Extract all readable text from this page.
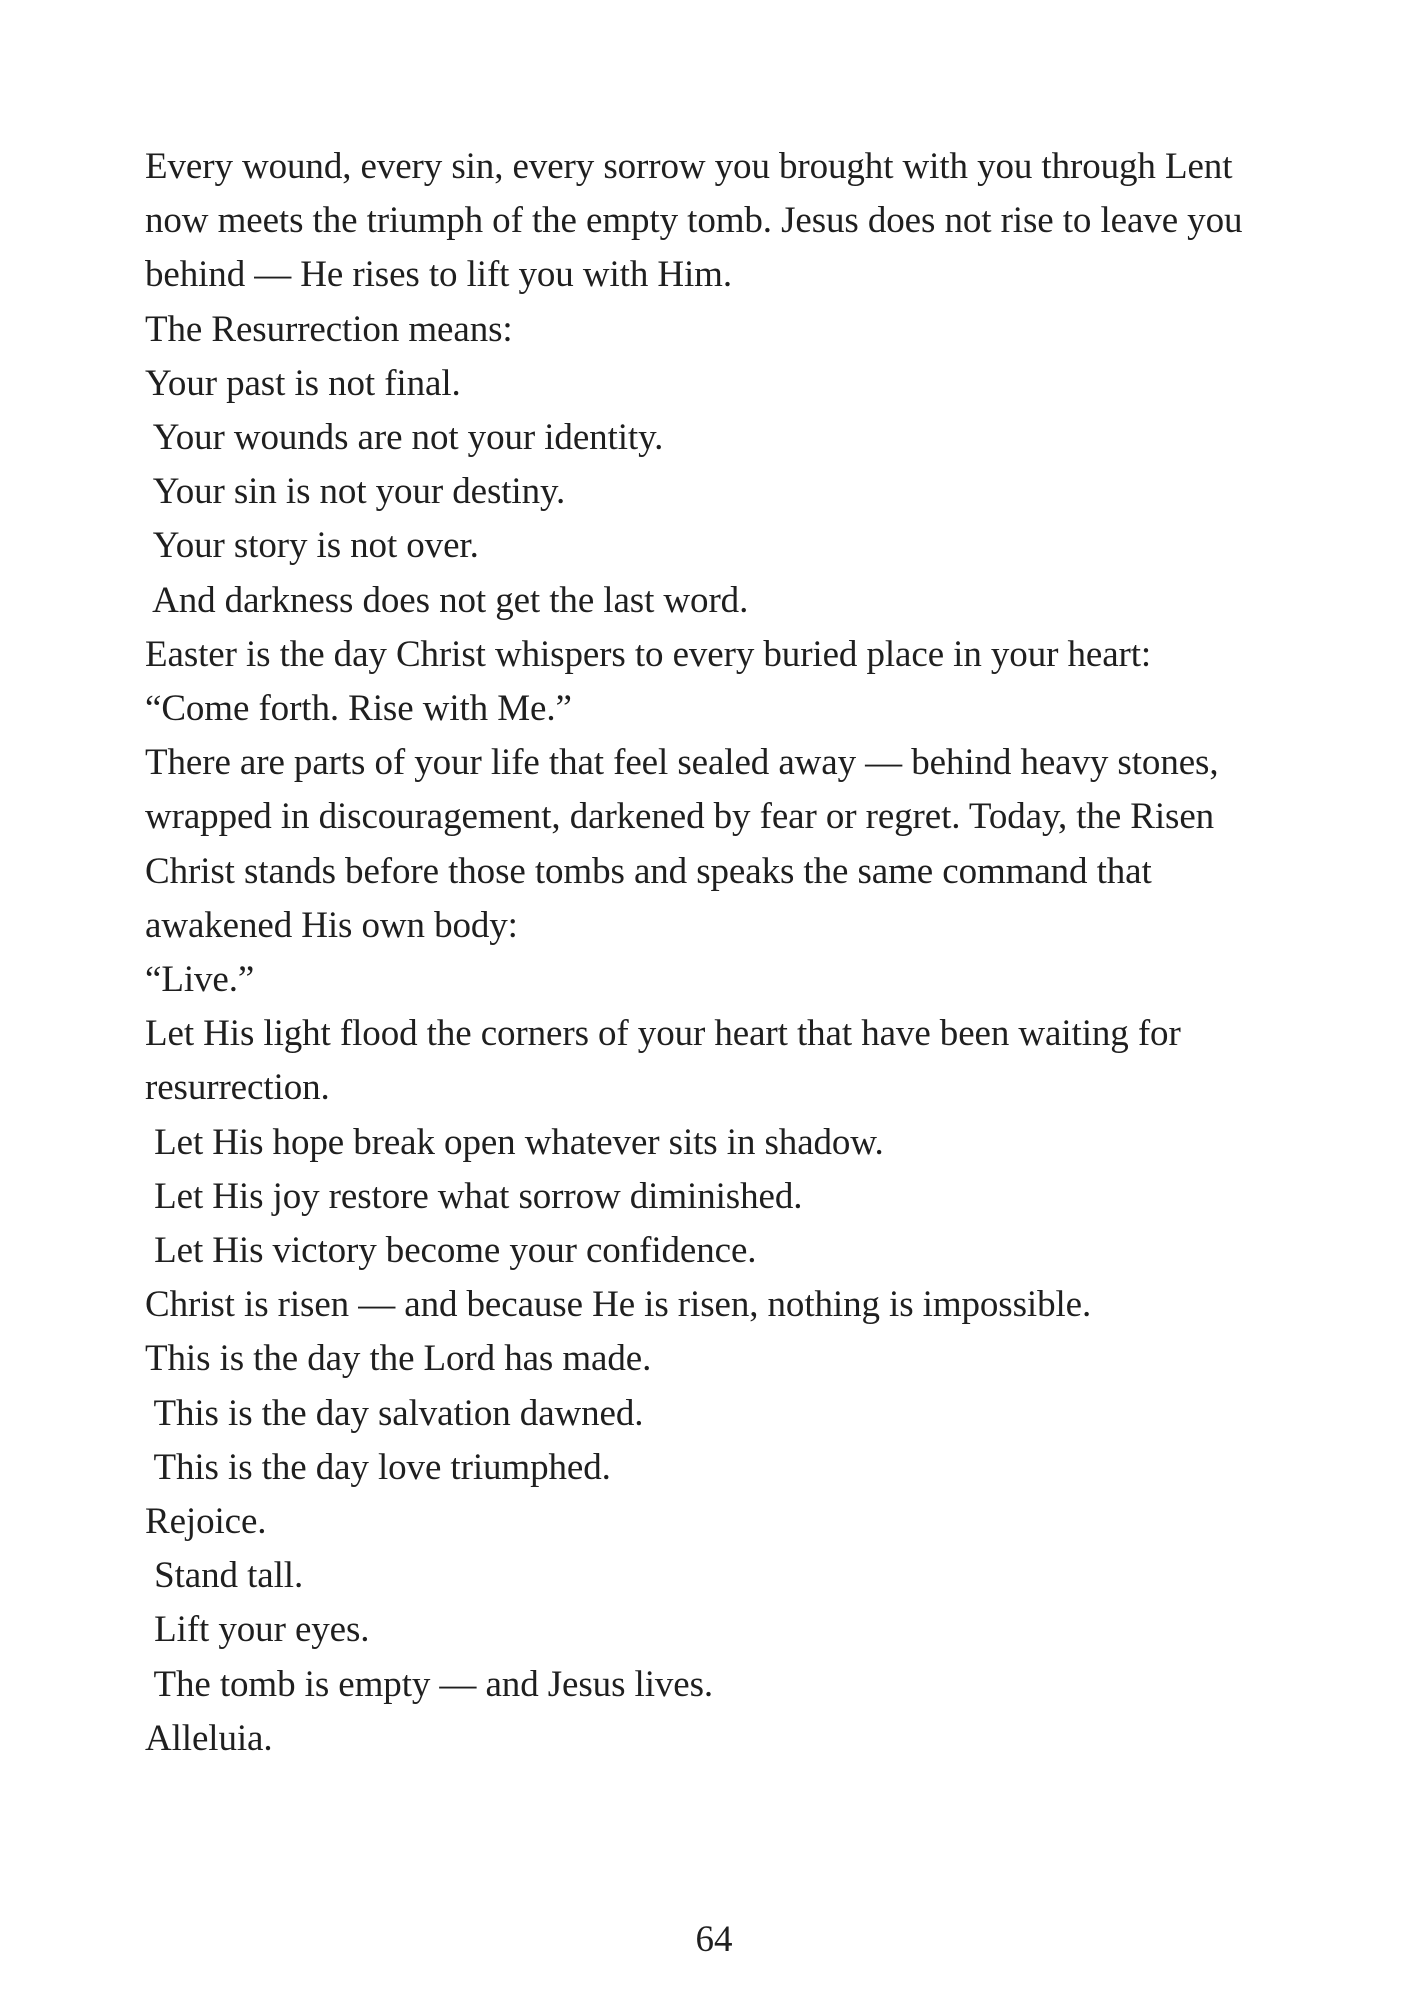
Every wound, every sin, every sorrow you brought with you through Lent
now meets the triumph of the empty tomb. Jesus does not rise to leave you
behind — He rises to lift you with Him.
The Resurrection means:
Your past is not final.
Your wounds are not your identity.
Your sin is not your destiny.
Your story is not over.
And darkness does not get the last word.
Easter is the day Christ whispers to every buried place in your heart:
“Come forth. Rise with Me.”
There are parts of your life that feel sealed away — behind heavy stones,
wrapped in discouragement, darkened by fear or regret. Today, the Risen
Christ stands before those tombs and speaks the same command that
awakened His own body:
“Live.”
Let His light flood the corners of your heart that have been waiting for
resurrection.
Let His hope break open whatever sits in shadow.
Let His joy restore what sorrow diminished.
Let His victory become your confidence.
Christ is risen — and because He is risen, nothing is impossible.
This is the day the Lord has made.
This is the day salvation dawned.
This is the day love triumphed.
Rejoice.
Stand tall.
Lift your eyes.
The tomb is empty — and Jesus lives.
Alleluia.
64
